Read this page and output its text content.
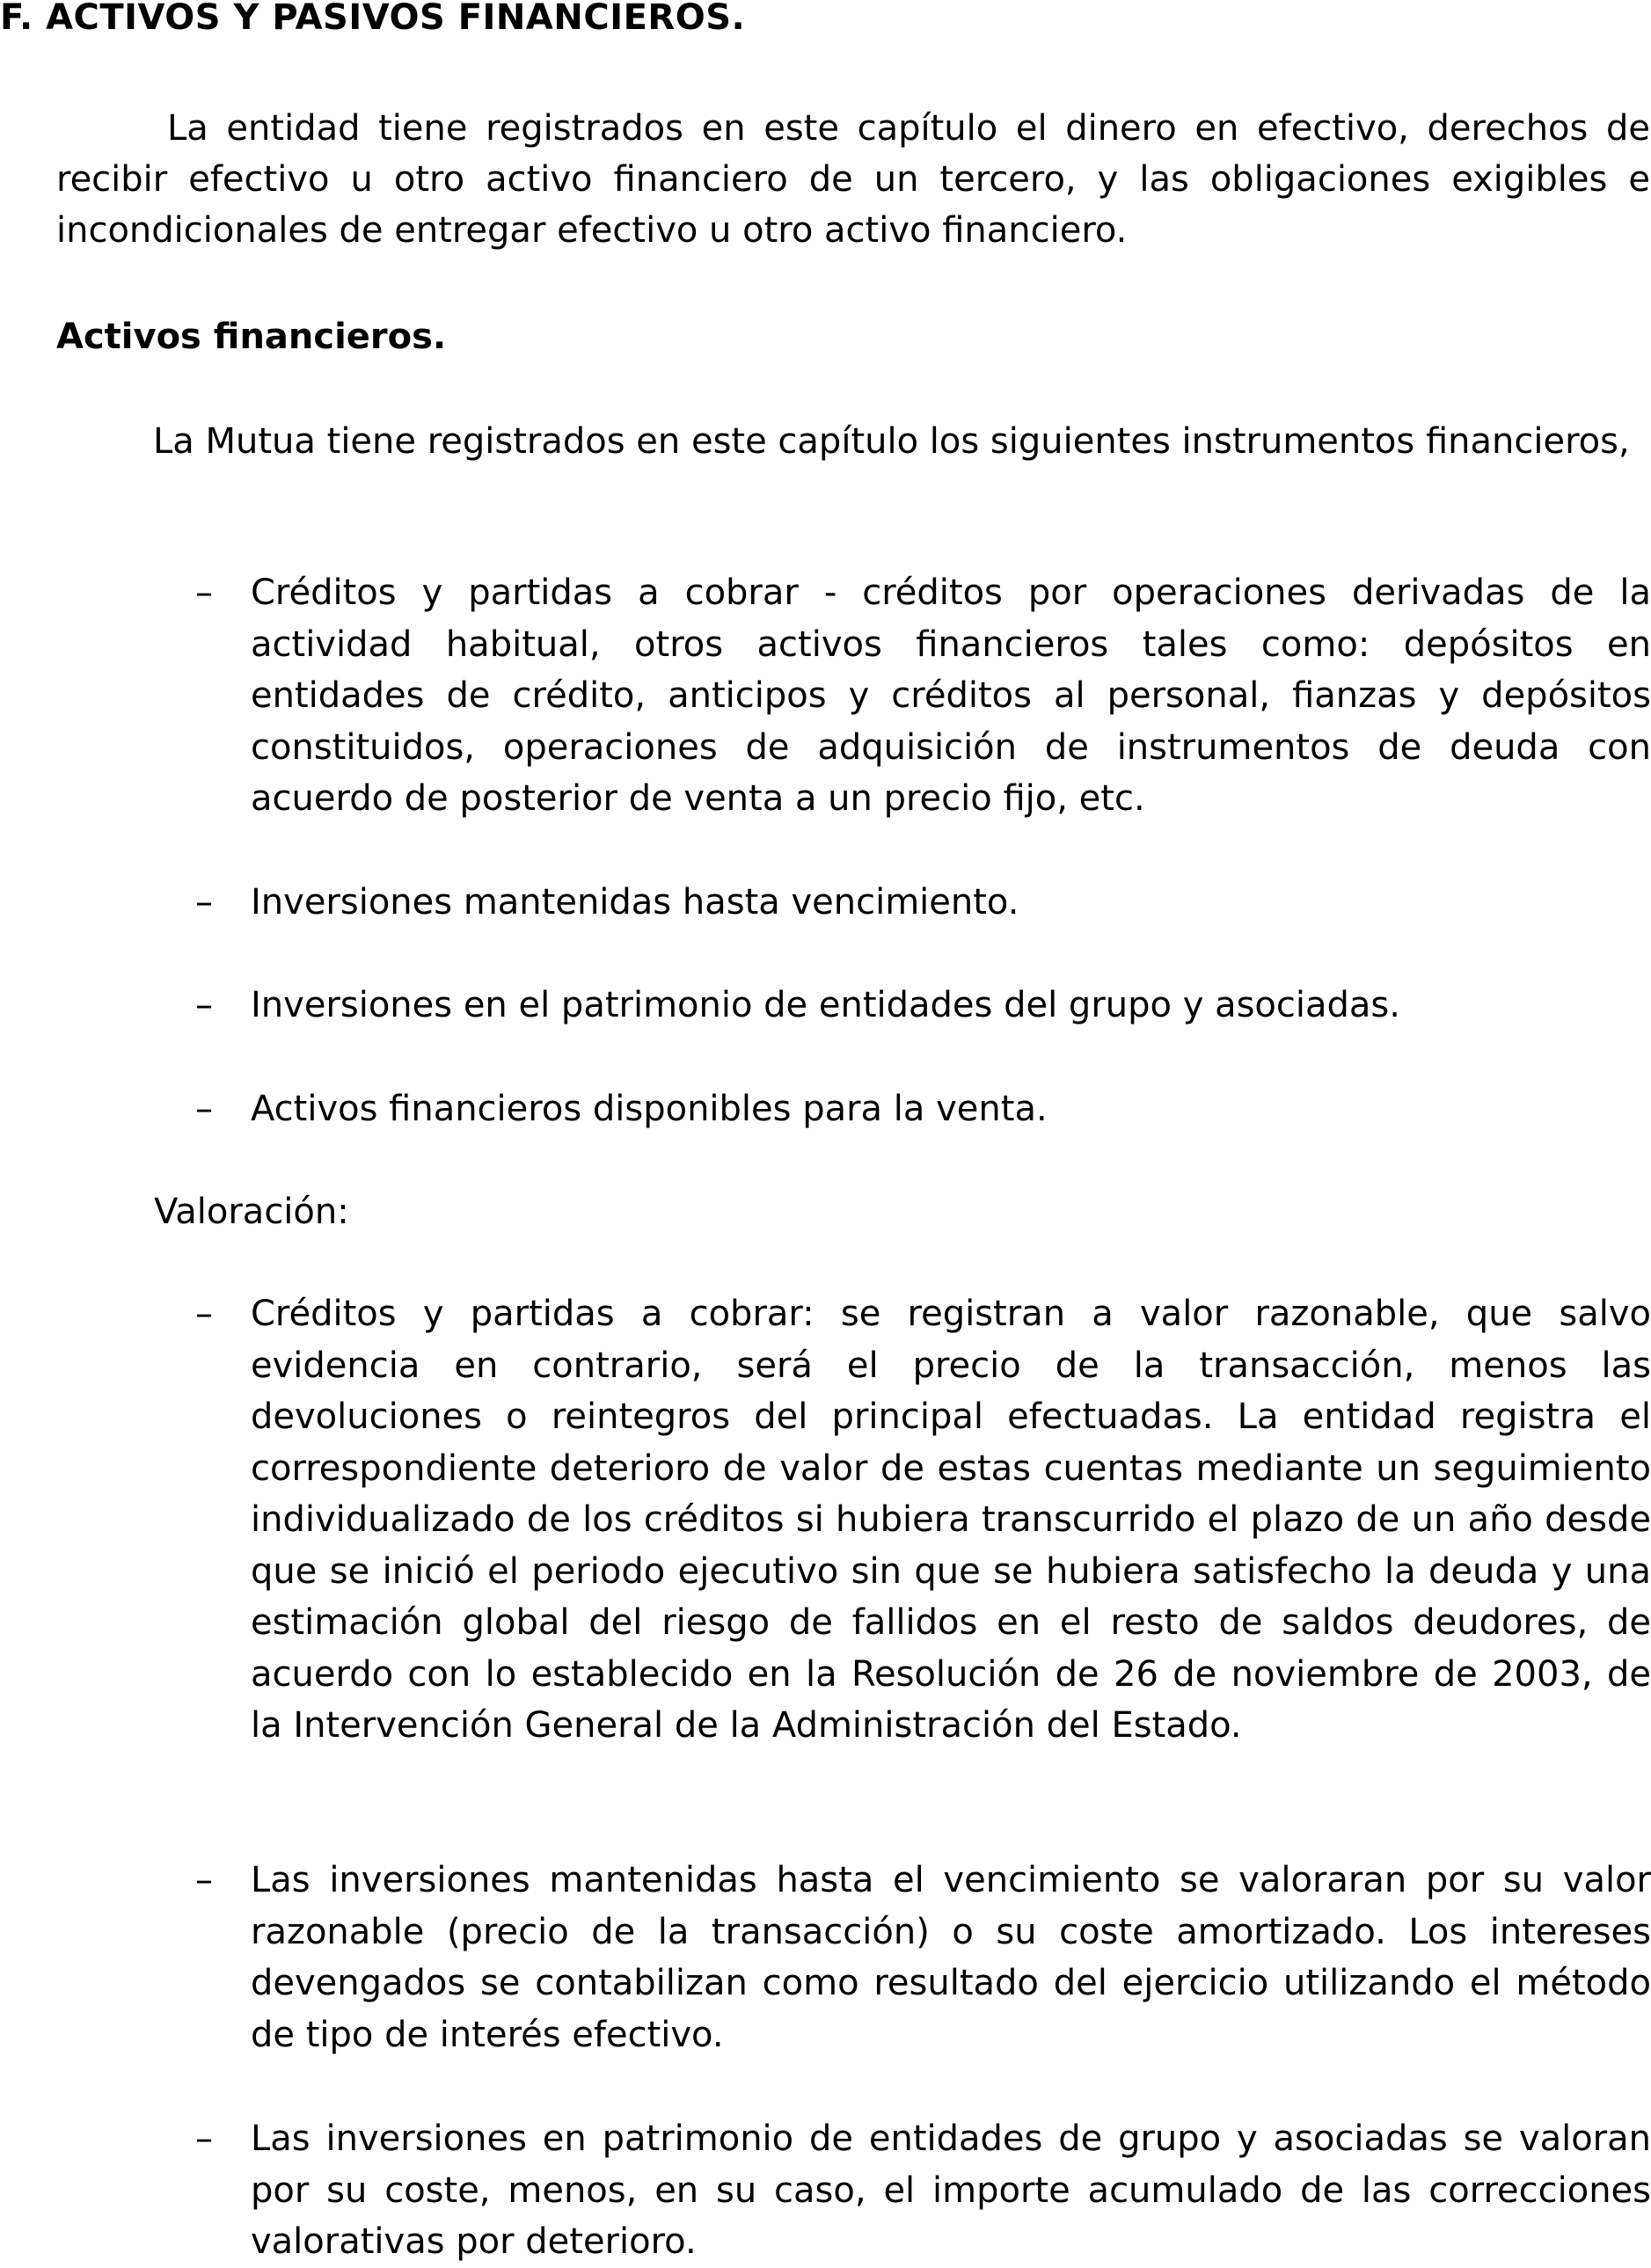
F. ACTIVOS Y PASIVOS FINANCIEROS.

La entidad tiene registrados en este capítulo el dinero en efectivo, derechos de recibir efectivo u otro activo financiero de un tercero, y las obligaciones exigibles e incondicionales de entregar efectivo u otro activo financiero.

Activos financieros.

La Mutua tiene registrados en este capítulo los siguientes instrumentos financieros,

– Créditos y partidas a cobrar - créditos por operaciones derivadas de la actividad habitual, otros activos financieros tales como: depósitos en entidades de crédito, anticipos y créditos al personal, fianzas y depósitos constituidos, operaciones de adquisición de instrumentos de deuda con acuerdo de posterior de venta a un precio fijo, etc.

– Inversiones mantenidas hasta vencimiento.

– Inversiones en el patrimonio de entidades del grupo y asociadas.

– Activos financieros disponibles para la venta.

Valoración:
– Créditos y partidas a cobrar: se registran a valor razonable, que salvo evidencia en contrario, será el precio de la transacción, menos las devoluciones o reintegros del principal efectuadas. La entidad registra el correspondiente deterioro de valor de estas cuentas mediante un seguimiento individualizado de los créditos si hubiera transcurrido el plazo de un año desde que se inició el periodo ejecutivo sin que se hubiera satisfecho la deuda y una estimación global del riesgo de fallidos en el resto de saldos deudores, de acuerdo con lo establecido en la Resolución de 26 de noviembre de 2003, de la Intervención General de la Administración del Estado.

– Las inversiones mantenidas hasta el vencimiento se valoraran por su valor razonable (precio de la transacción) o su coste amortizado. Los intereses devengados se contabilizan como resultado del ejercicio utilizando el método de tipo de interés efectivo.

– Las inversiones en patrimonio de entidades de grupo y asociadas se valoran por su coste, menos, en su caso, el importe acumulado de las correcciones valorativas por deterioro.
